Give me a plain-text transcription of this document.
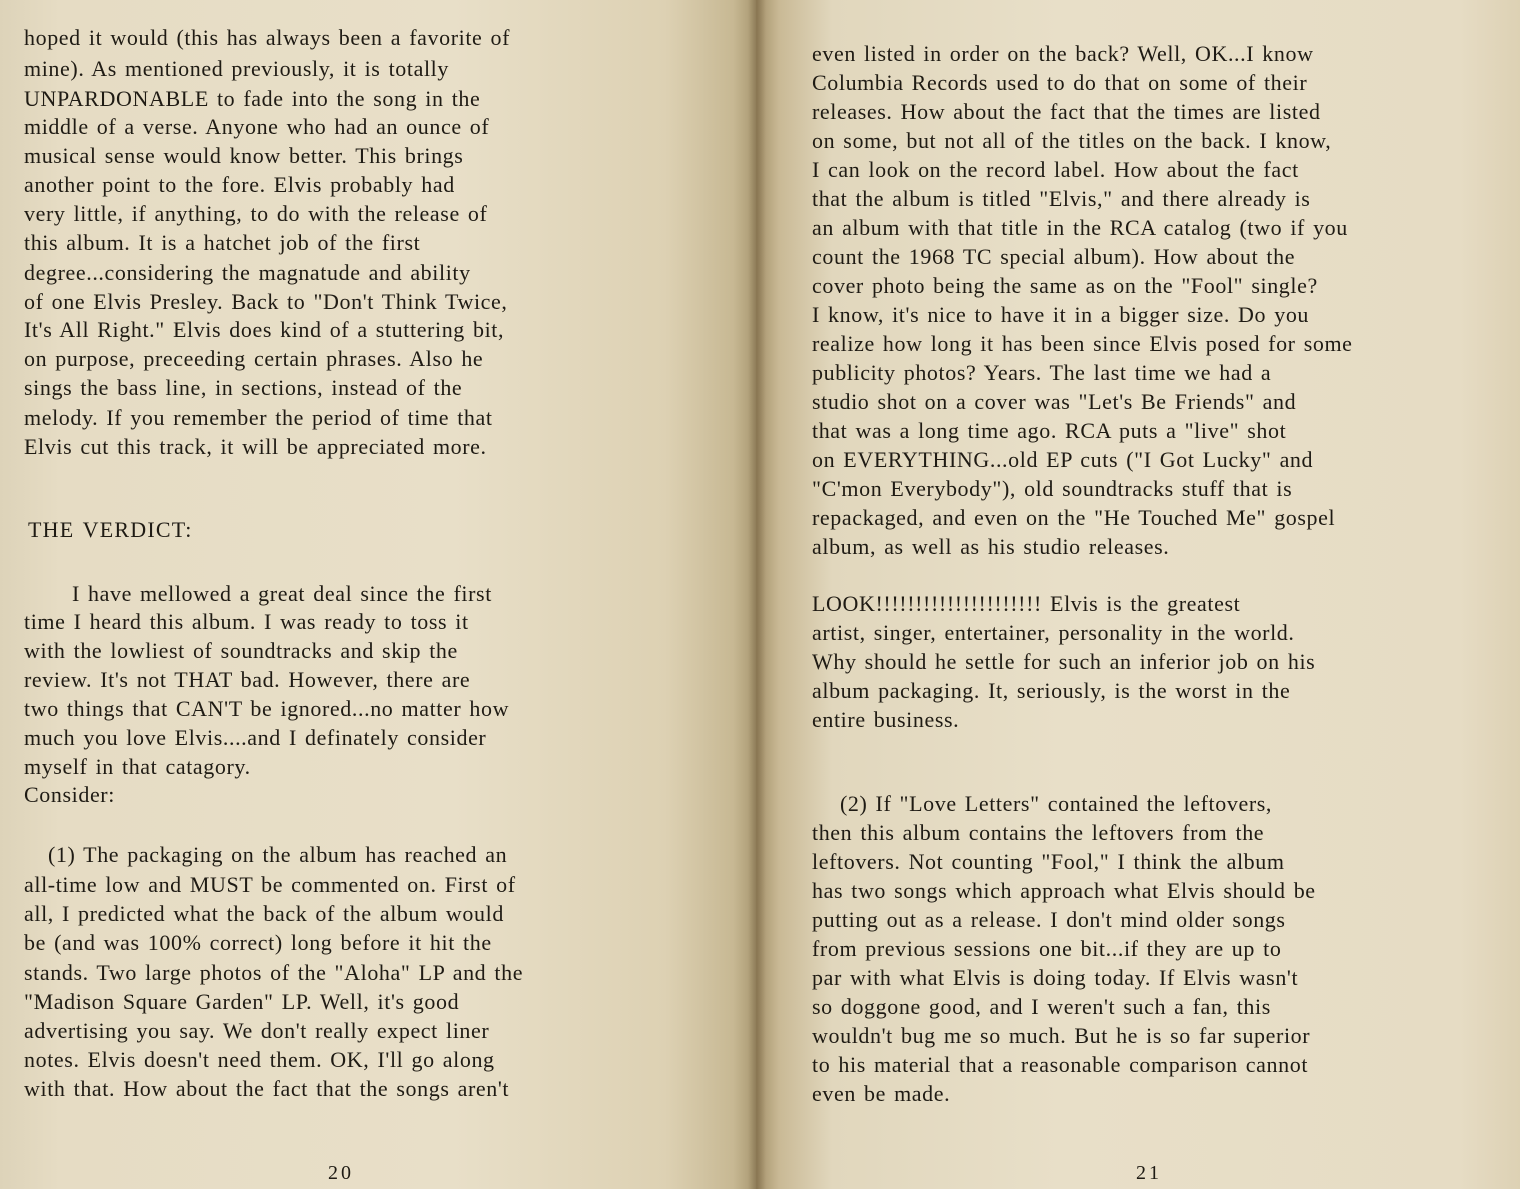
hoped it would (this has always been a favorite of
mine). As mentioned previously, it is totally
UNPARDONABLE to fade into the song in the
middle of a verse. Anyone who had an ounce of
musical sense would know better. This brings
another point to the fore. Elvis probably had
very little, if anything, to do with the release of
this album. It is a hatchet job of the first
degree...considering the magnatude and ability
of one Elvis Presley. Back to "Don't Think Twice,
It's All Right." Elvis does kind of a stuttering bit,
on purpose, preceeding certain phrases. Also he
sings the bass line, in sections, instead of the
melody. If you remember the period of time that
Elvis cut this track, it will be appreciated more.
THE VERDICT:
I have mellowed a great deal since the first
time I heard this album. I was ready to toss it
with the lowliest of soundtracks and skip the
review. It's not THAT bad. However, there are
two things that CAN'T be ignored...no matter how
much you love Elvis....and I definately consider
myself in that catagory.
Consider:
(1) The packaging on the album has reached an
all-time low and MUST be commented on. First of
all, I predicted what the back of the album would
be (and was 100% correct) long before it hit the
stands. Two large photos of the "Aloha" LP and the
"Madison Square Garden" LP. Well, it's good
advertising you say. We don't really expect liner
notes. Elvis doesn't need them. OK, I'll go along
with that. How about the fact that the songs aren't
20
even listed in order on the back? Well, OK...I know
Columbia Records used to do that on some of their
releases. How about the fact that the times are listed
on some, but not all of the titles on the back. I know,
I can look on the record label. How about the fact
that the album is titled "Elvis," and there already is
an album with that title in the RCA catalog (two if you
count the 1968 TC special album). How about the
cover photo being the same as on the "Fool" single?
I know, it's nice to have it in a bigger size. Do you
realize how long it has been since Elvis posed for some
publicity photos? Years. The last time we had a
studio shot on a cover was "Let's Be Friends" and
that was a long time ago. RCA puts a "live" shot
on EVERYTHING...old EP cuts ("I Got Lucky" and
"C'mon Everybody"), old soundtracks stuff that is
repackaged, and even on the "He Touched Me" gospel
album, as well as his studio releases.
LOOK!!!!!!!!!!!!!!!!!!!!! Elvis is the greatest
artist, singer, entertainer, personality in the world.
Why should he settle for such an inferior job on his
album packaging. It, seriously, is the worst in the
entire business.
(2) If "Love Letters" contained the leftovers,
then this album contains the leftovers from the
leftovers. Not counting "Fool," I think the album
has two songs which approach what Elvis should be
putting out as a release. I don't mind older songs
from previous sessions one bit...if they are up to
par with what Elvis is doing today. If Elvis wasn't
so doggone good, and I weren't such a fan, this
wouldn't bug me so much. But he is so far superior
to his material that a reasonable comparison cannot
even be made.
21
